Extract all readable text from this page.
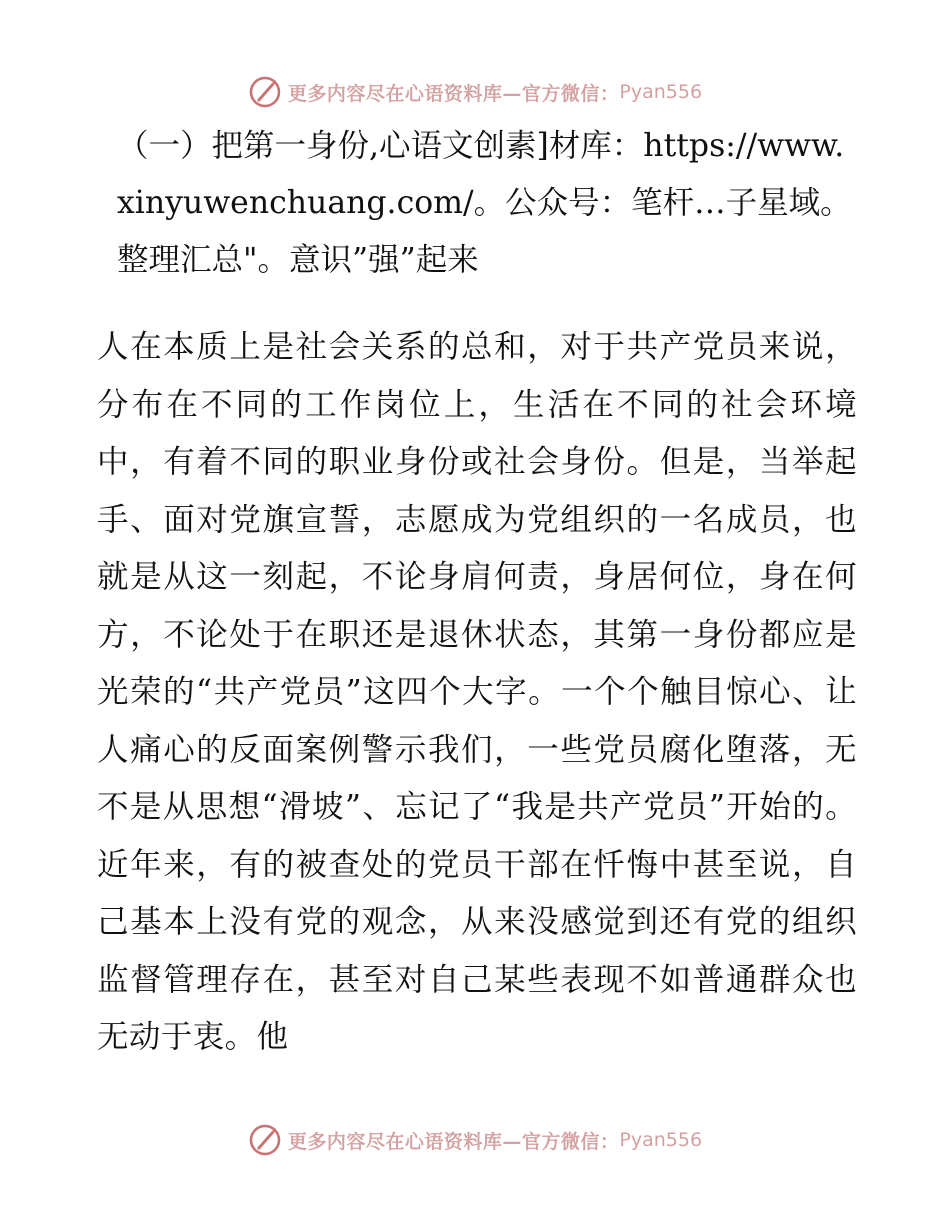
更多内容尽在心语资料库—官方微信： Pyan556

（一）把第一身份,心语文创素]材库：https://www.xinyuwenchuang.com/。公众号：笔杆…子星域。整理汇总"。意识”强”起来

人在本质上是社会关系的总和，对于共产党员来说，分布在不同的工作岗位上，生活在不同的社会环境中，有着不同的职业身份或社会身份。但是，当举起手、面对党旗宣誓，志愿成为党组织的一名成员，也就是从这一刻起，不论身肩何责，身居何位，身在何方，不论处于在职还是退休状态，其第一身份都应是光荣的“共产党员”这四个大字。一个个触目惊心、让人痛心的反面案例警示我们，一些党员腐化堕落，无不是从思想“滑坡”、忘记了“我是共产党员”开始的。近年来，有的被查处的党员干部在忏悔中甚至说，自己基本上没有党的观念，从来没感觉到还有党的组织监督管理存在，甚至对自己某些表现不如普通群众也无动于衷。他

更多内容尽在心语资料库—官方微信： Pyan556
